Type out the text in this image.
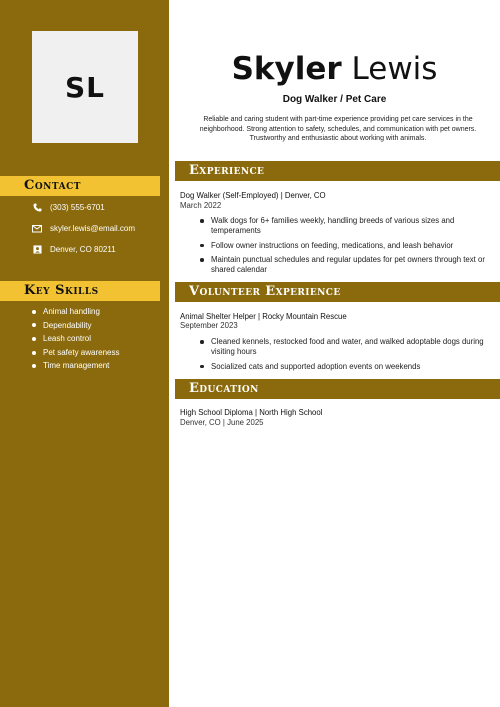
SL
Contact
(303) 555-6701
skyler.lewis@email.com
Denver, CO 80211
Key Skills
Animal handling
Dependability
Leash control
Pet safety awareness
Time management
Skyler Lewis
Dog Walker / Pet Care
Reliable and caring student with part-time experience providing pet care services in the neighborhood. Strong attention to safety, schedules, and communication with pet owners. Trustworthy and enthusiastic about working with animals.
Experience
Dog Walker (Self-Employed) | Denver, CO
March 2022
Walk dogs for 6+ families weekly, handling breeds of various sizes and temperaments
Follow owner instructions on feeding, medications, and leash behavior
Maintain punctual schedules and regular updates for pet owners through text or shared calendar
Volunteer Experience
Animal Shelter Helper | Rocky Mountain Rescue
September 2023
Cleaned kennels, restocked food and water, and walked adoptable dogs during visiting hours
Socialized cats and supported adoption events on weekends
Education
High School Diploma | North High School
Denver, CO | June 2025
